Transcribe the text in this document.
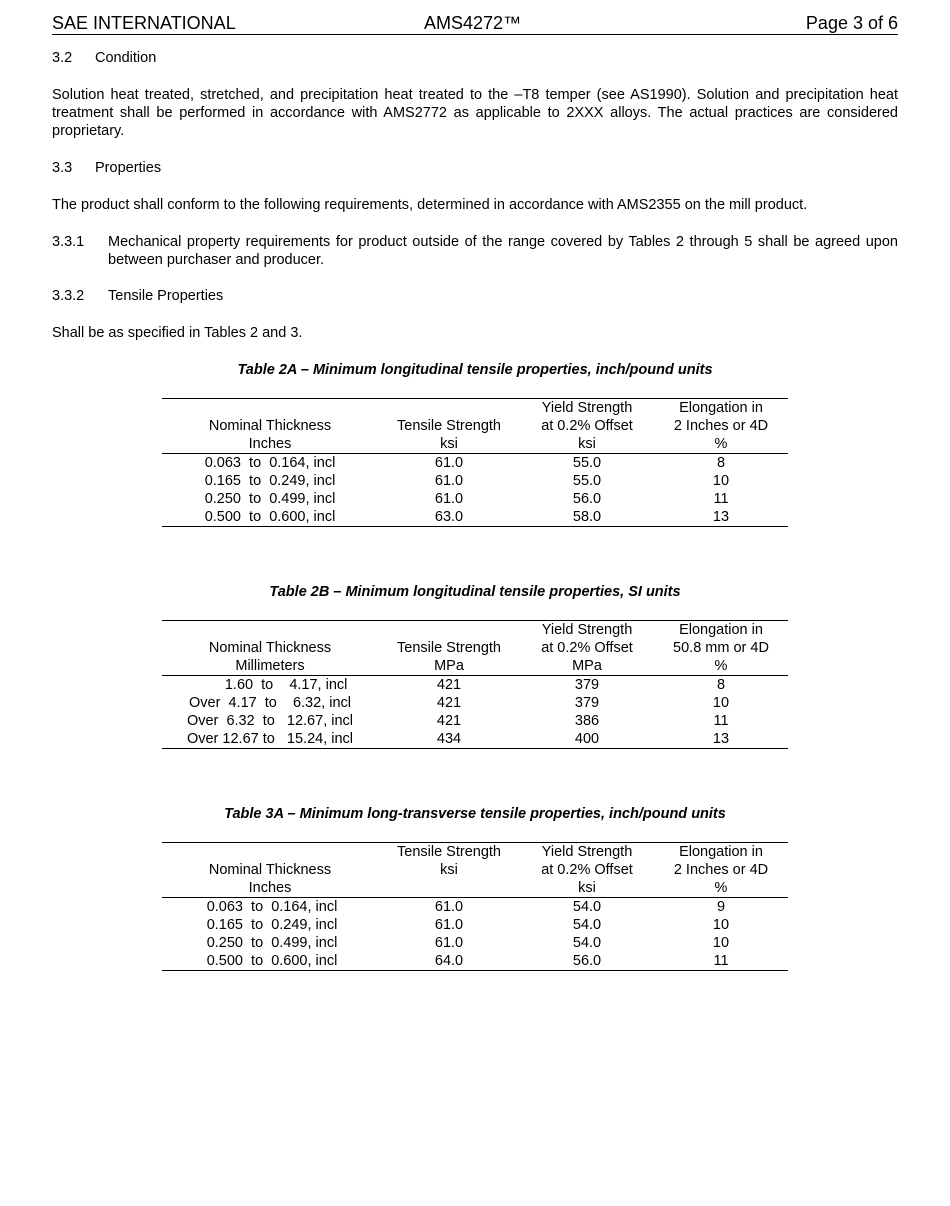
SAE INTERNATIONAL	AMS4272™	Page 3 of 6
3.2 Condition
Solution heat treated, stretched, and precipitation heat treated to the –T8 temper (see AS1990). Solution and precipitation heat treatment shall be performed in accordance with AMS2772 as applicable to 2XXX alloys. The actual practices are considered proprietary.
3.3 Properties
The product shall conform to the following requirements, determined in accordance with AMS2355 on the mill product.
3.3.1	Mechanical property requirements for product outside of the range covered by Tables 2 through 5 shall be agreed upon between purchaser and producer.
3.3.2 Tensile Properties
Shall be as specified in Tables 2 and 3.
Table 2A – Minimum longitudinal tensile properties, inch/pound units
		Yield Strength	Elongation in
Nominal Thickness	Tensile Strength	at 0.2% Offset	2 Inches or 4D
Inches	ksi	ksi	%
0.063  to  0.164, incl	61.0	55.0	8
0.165  to  0.249, incl	61.0	55.0	10
0.250  to  0.499, incl	61.0	56.0	11
0.500  to  0.600, incl	63.0	58.0	13
Table 2B – Minimum longitudinal tensile properties, SI units
		Yield Strength	Elongation in
Nominal Thickness	Tensile Strength	at 0.2% Offset	50.8 mm or 4D
Millimeters	MPa	MPa	%
1.60  to    4.17, incl	421	379	8
Over  4.17  to    6.32, incl	421	379	10
Over  6.32  to   12.67, incl	421	386	11
Over 12.67 to   15.24, incl	434	400	13
Table 3A – Minimum long-transverse tensile properties, inch/pound units
	Tensile Strength	Yield Strength	Elongation in
Nominal Thickness	ksi	at 0.2% Offset	2 Inches or 4D
Inches		ksi	%
0.063  to  0.164, incl	61.0	54.0	9
0.165  to  0.249, incl	61.0	54.0	10
0.250  to  0.499, incl	61.0	54.0	10
0.500  to  0.600, incl	64.0	56.0	11
